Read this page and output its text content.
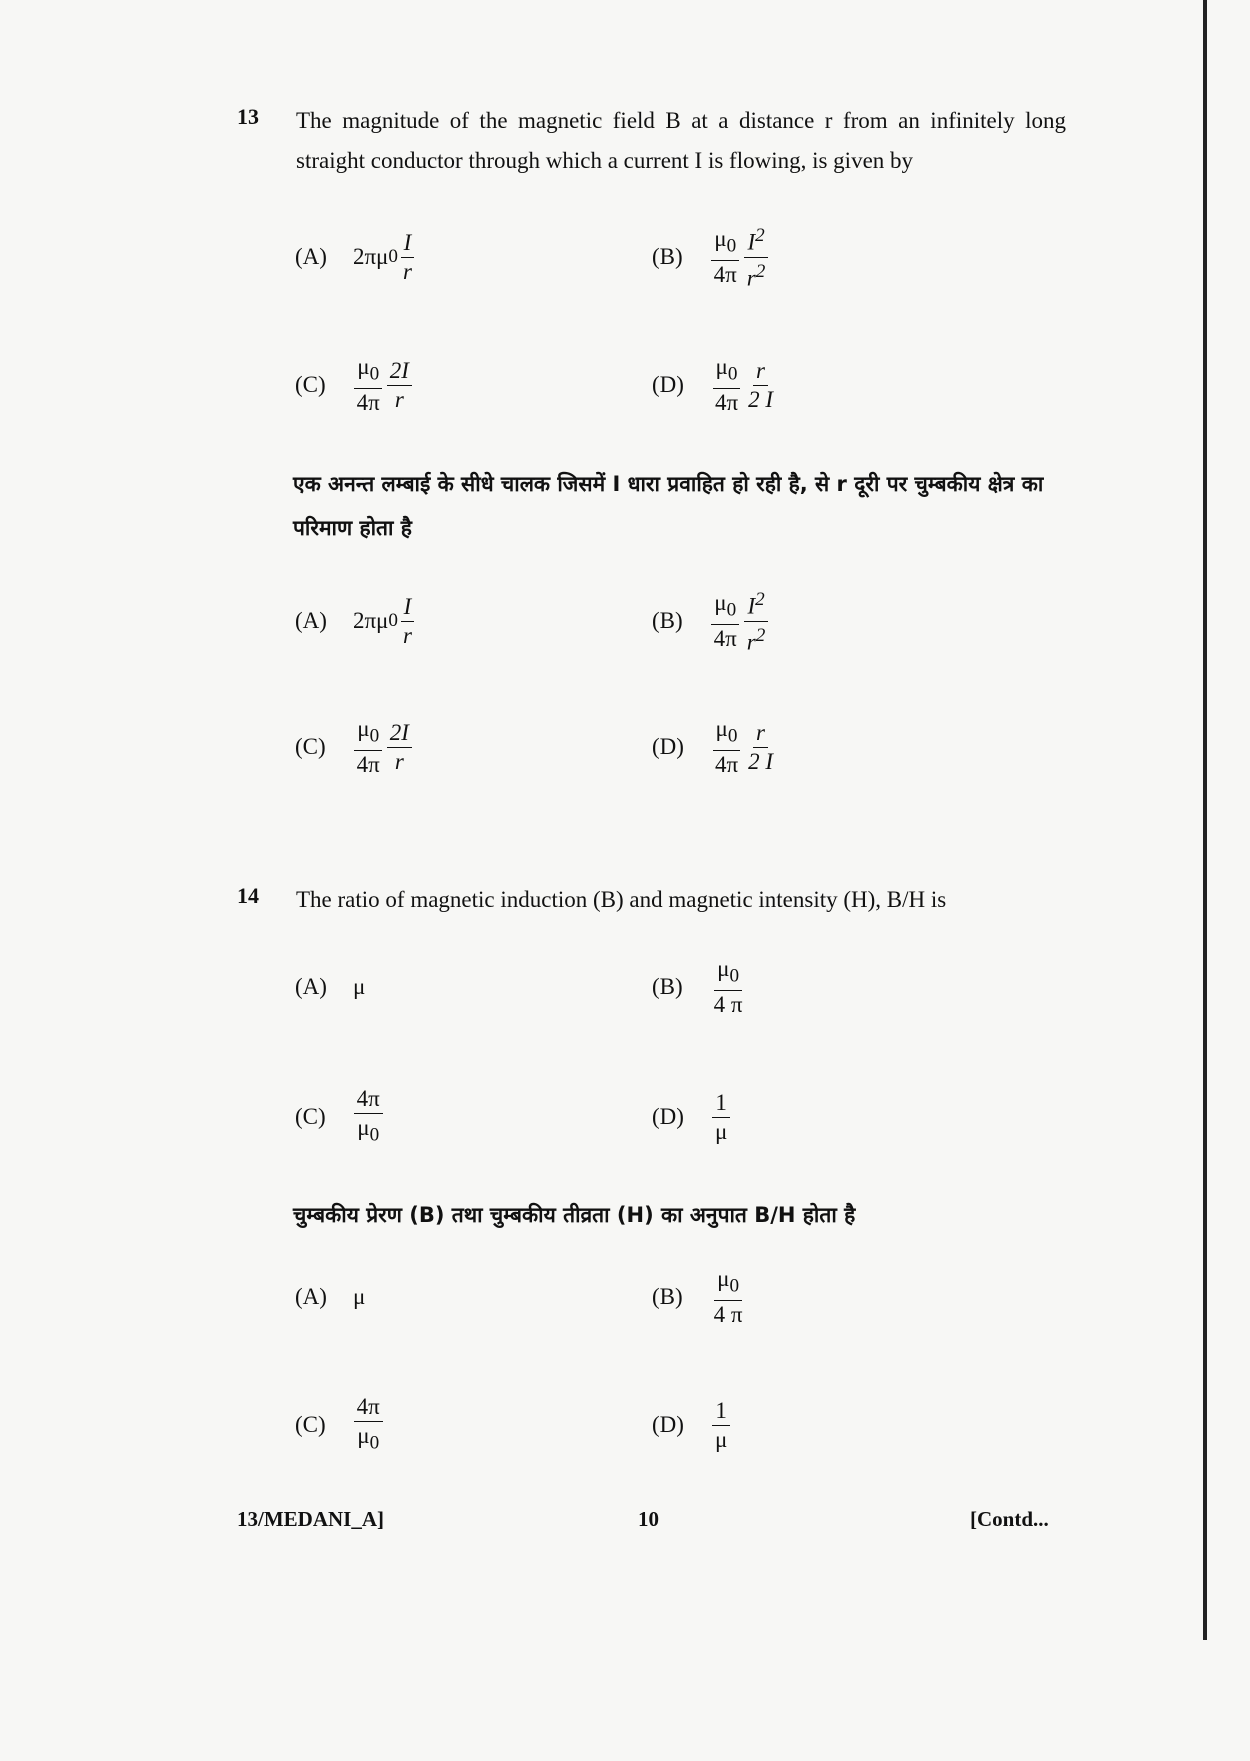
13 The magnitude of the magnetic field B at a distance r from an infinitely long straight conductor through which a current I is flowing, is given by
(A) 2πμ $0 \frac{I}{r}$	$(B) \frac{\mu_0}{4\pi} \frac{I^2}{r^2}$
$(C) \frac{\mu_0}{4\pi} \frac{2I}{r}$	$(D) \frac{\mu_0}{4\pi} \frac{r}{2 I}$
एक अनन्त लम्बाई के सीधे चालक जिसमें I धारा प्रवाहित हो रही है, से r दूरी पर चुम्बकीय क्षेत्र का परिमाण होता है
(A) 2πμ $0 \frac{I}{r}$	$(B) \frac{\mu_0}{4\pi} \frac{I^2}{r^2}$
$(C) \frac{\mu_0}{4\pi} \frac{2I}{r}$	$(D) \frac{\mu_0}{4\pi} \frac{r}{2 I}$
14 The ratio of magnetic induction (B) and magnetic intensity (H), B/H is
(A) μ	$(B) \frac{\mu_0}{4 \pi}$
$(C) \frac{4\pi}{\mu_0}$	$(D) \frac{1}{\mu}$
चुम्बकीय प्रेरण (B) तथा चुम्बकीय तीव्रता (H) का अनुपात B/H होता है
(A) μ	$(B) \frac{\mu_0}{4 \pi}$
$(C) \frac{4\pi}{\mu_0}$	$(D) \frac{1}{\mu}$
13/MEDANI_A]	10	[Contd...
